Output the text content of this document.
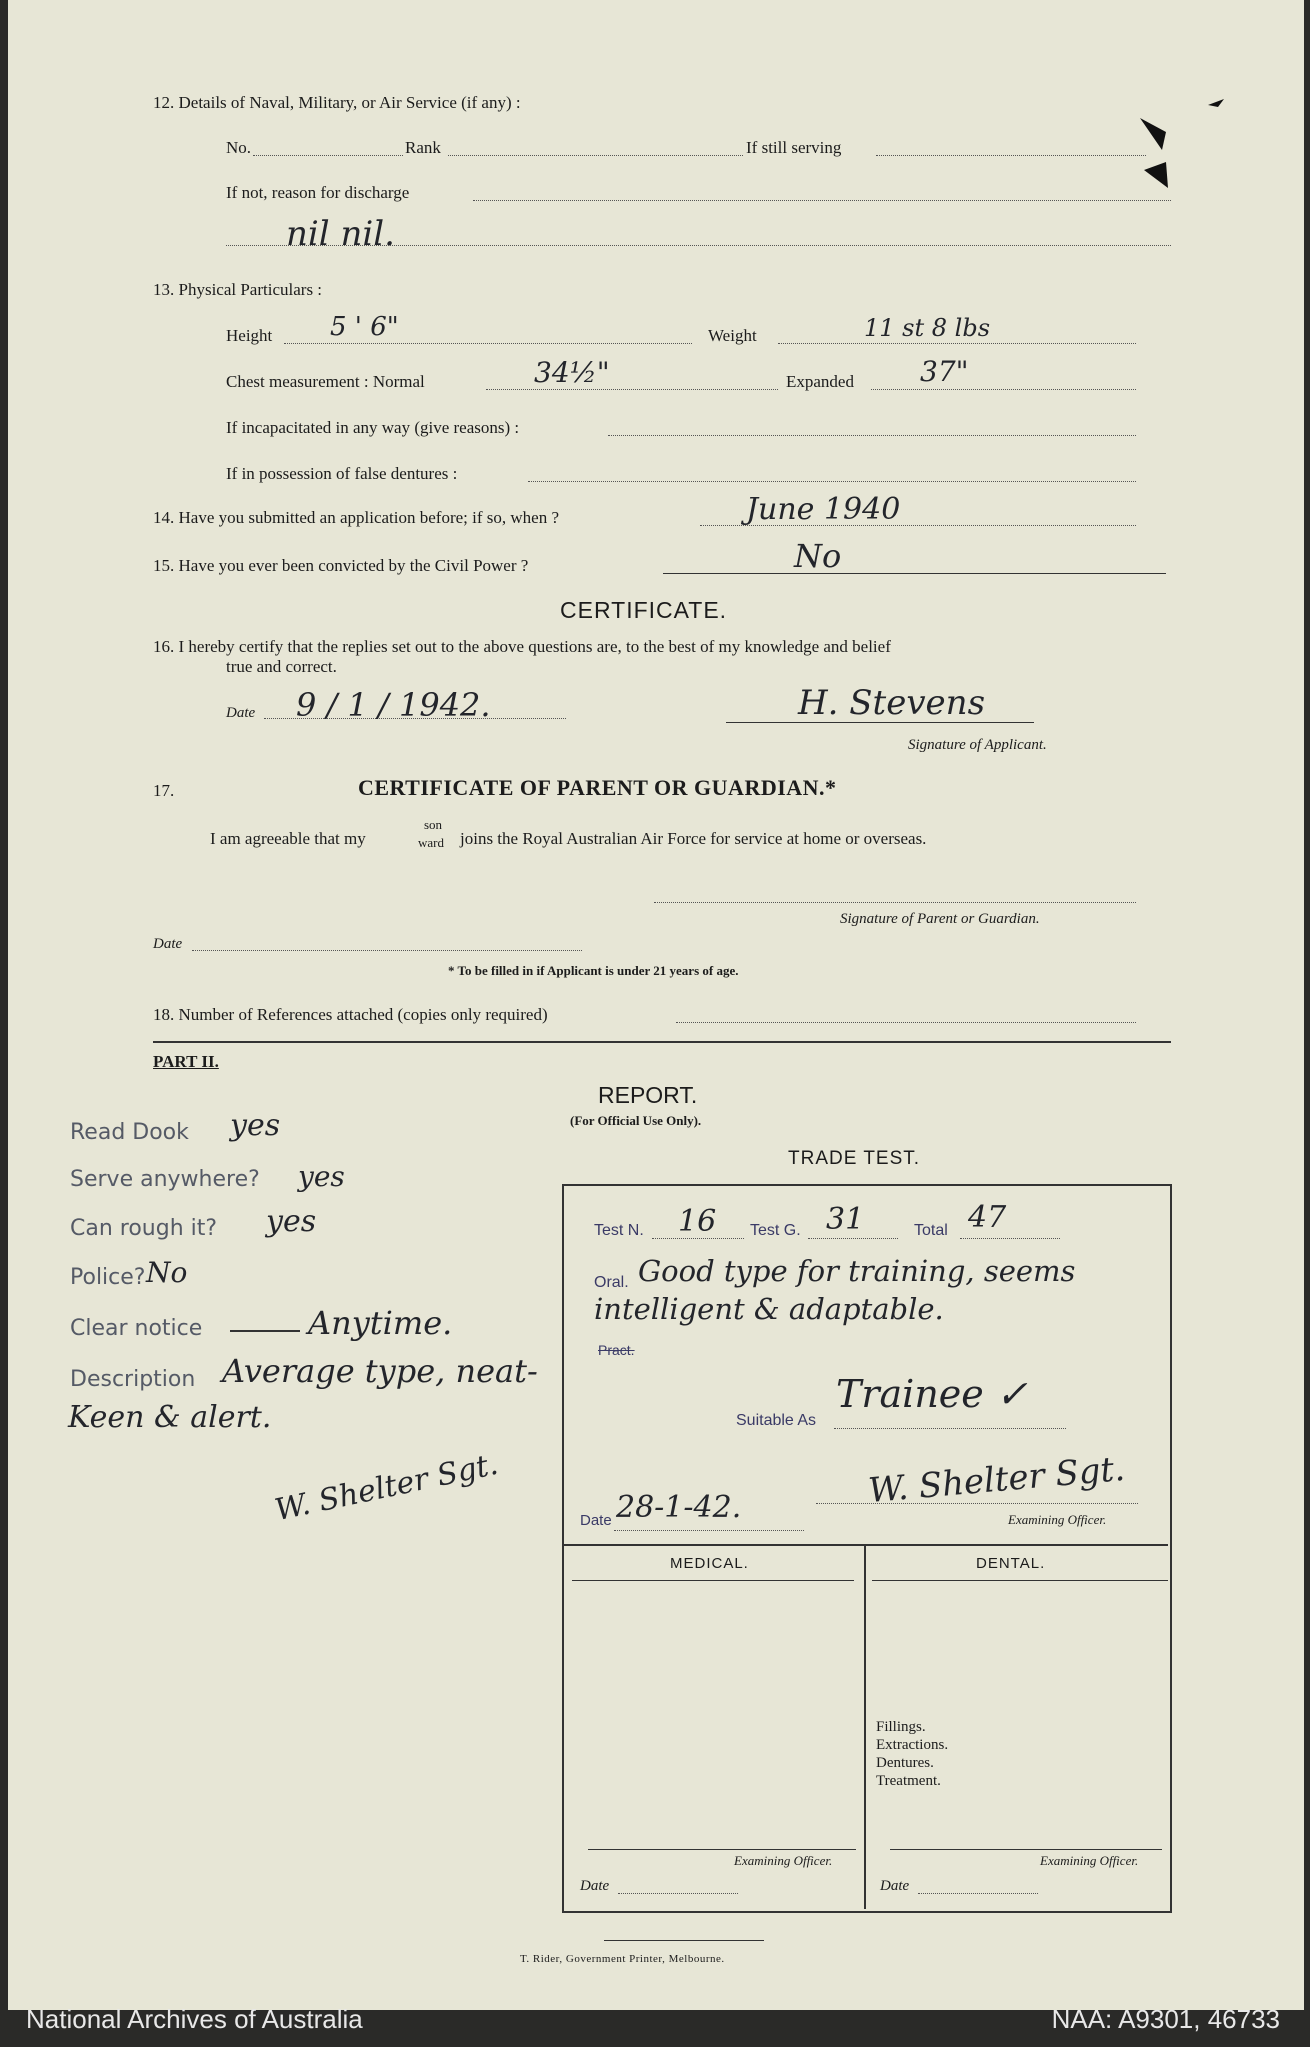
12. Details of Naval, Military, or Air Service (if any) :
No.	Rank	If still serving
If not, reason for discharge
nil nil.
13. Physical Particulars :
Height 5 ' 6"	Weight	11 st 8 lbs
Chest measurement : Normal	34½"	Expanded 37"
If incapacitated in any way (give reasons) :
If in possession of false dentures :
14. Have you submitted an application before; if so, when ?	June 1940
15. Have you ever been convicted by the Civil Power ?	No
CERTIFICATE.
16. I hereby certify that the replies set out to the above questions are, to the best of my knowledge and belief
true and correct.
Date 9 / 1 / 1942.	H. Stevens
Signature of Applicant.
17.	CERTIFICATE OF PARENT OR GUARDIAN.*
I am agreeable that my
son
ward joins the Royal Australian Air Force for service at home or overseas.
Signature of Parent or Guardian.
Date
* To be filled in if Applicant is under 21 years of age.
18. Number of References attached (copies only required)
PART II.
REPORT.
(For Official Use Only).
TRADE TEST.
Read Dook yes
Serve anywhere? yes
Can rough it? yes
Police? No
Clear notice	Anytime.
Description Average type, neat-
Keen & alert.
W. Shelter Sgt.
Test N. 16 Test G. 31	Total 47
Oral. Good type for training, seems
intelligent & adaptable.
Pract.
Suitable As
Trainee ✓
Date 28-1-42.	W. Shelter Sgt.
Examining Officer.
MEDICAL.	DENTAL.
Fillings.
Extractions.
Dentures.
Treatment.
Examining Officer.
Date
Examining Officer.
Date
T. Rider, Government Printer, Melbourne.
National Archives of Australia	NAA: A9301, 46733
